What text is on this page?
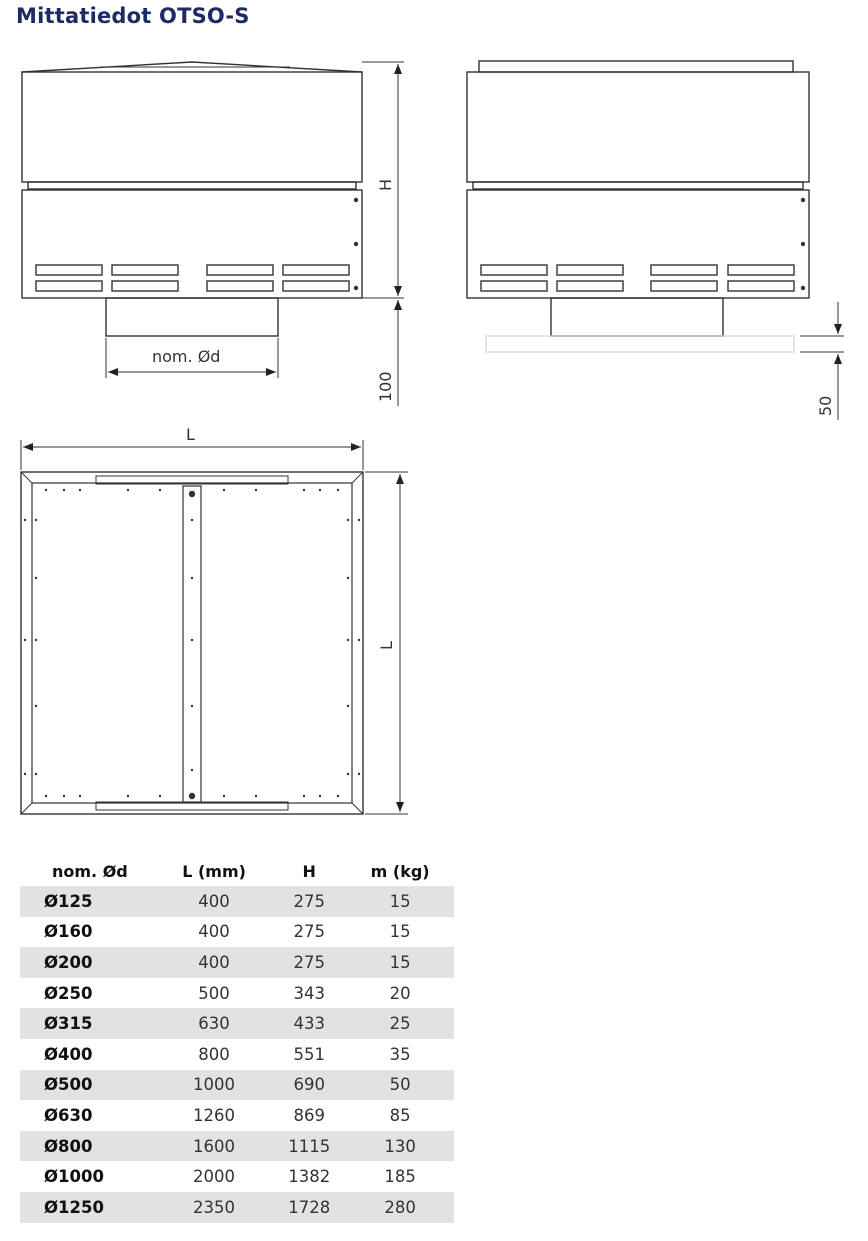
Mittatiedot OTSO-S
nom. Ød
H
100
50
L
L
nom. Ød	L (mm)	H	m (kg)
Ø125	400	275	15
Ø160	400	275	15
Ø200	400	275	15
Ø250	500	343	20
Ø315	630	433	25
Ø400	800	551	35
Ø500	1000	690	50
Ø630	1260	869	85
Ø800	1600	1115	130
Ø1000	2000	1382	185
Ø1250	2350	1728	280
